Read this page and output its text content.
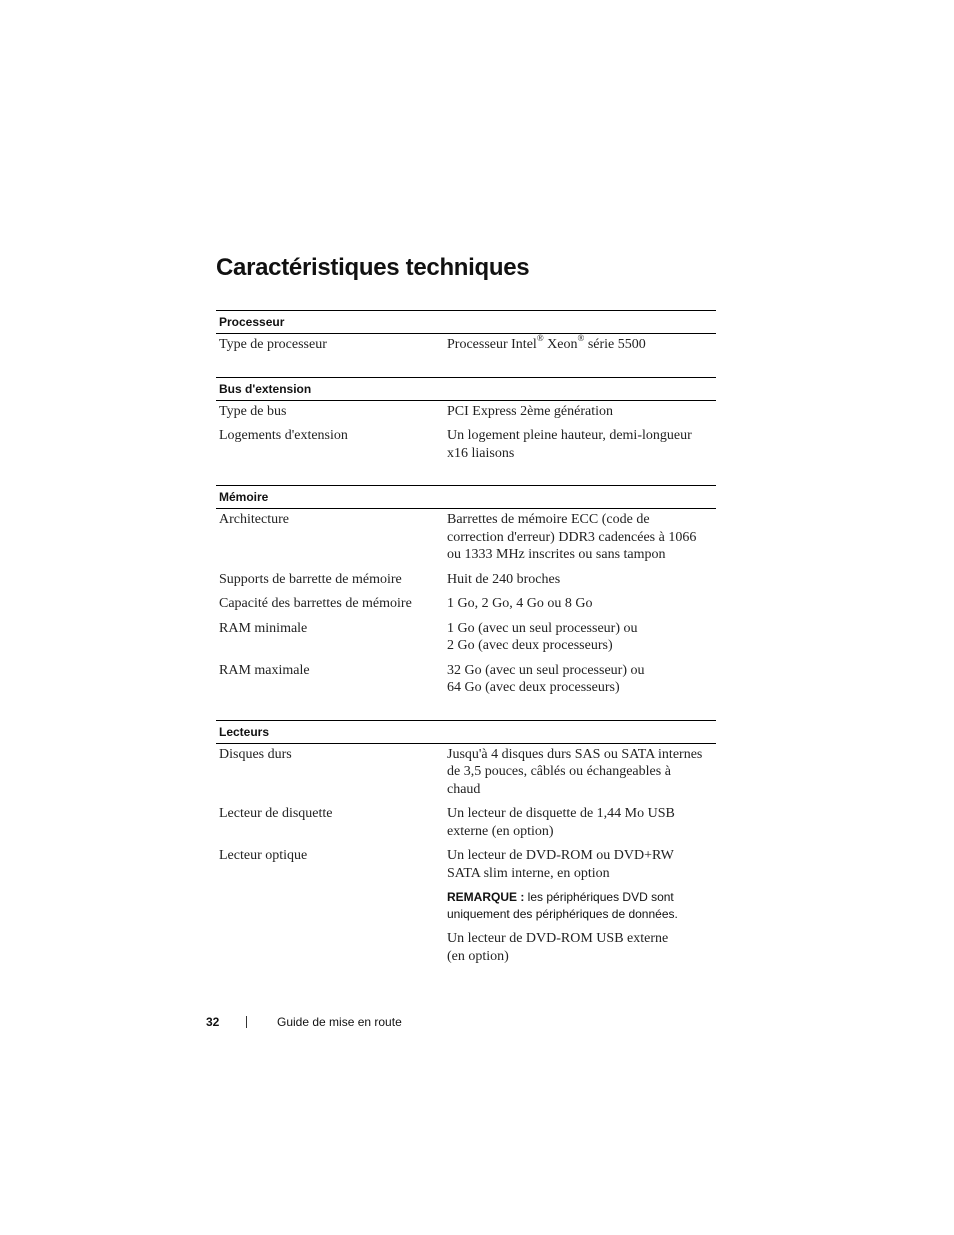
Caractéristiques techniques
Processeur
Type de processeur	Processeur Intel® Xeon® série 5500
Bus d'extension
Type de bus	PCI Express 2ème génération
Logements d'extension	Un logement pleine hauteur, demi-longueur
x16 liaisons
Mémoire
Architecture	Barrettes de mémoire ECC (code de
correction d'erreur) DDR3 cadencées à 1066
ou 1333 MHz inscrites ou sans tampon
Supports de barrette de mémoire	Huit de 240 broches
Capacité des barrettes de mémoire	1 Go, 2 Go, 4 Go ou 8 Go
RAM minimale	1 Go (avec un seul processeur) ou
2 Go (avec deux processeurs)
RAM maximale	32 Go (avec un seul processeur) ou
64 Go (avec deux processeurs)
Lecteurs
Disques durs	Jusqu'à 4 disques durs SAS ou SATA internes
de 3,5 pouces, câblés ou échangeables à
chaud
Lecteur de disquette	Un lecteur de disquette de 1,44 Mo USB
externe (en option)
Lecteur optique	Un lecteur de DVD-ROM ou DVD+RW
SATA slim interne, en option

REMARQUE : les périphériques DVD sont
uniquement des périphériques de données.

Un lecteur de DVD-ROM USB externe
(en option)

32	Guide de mise en route
